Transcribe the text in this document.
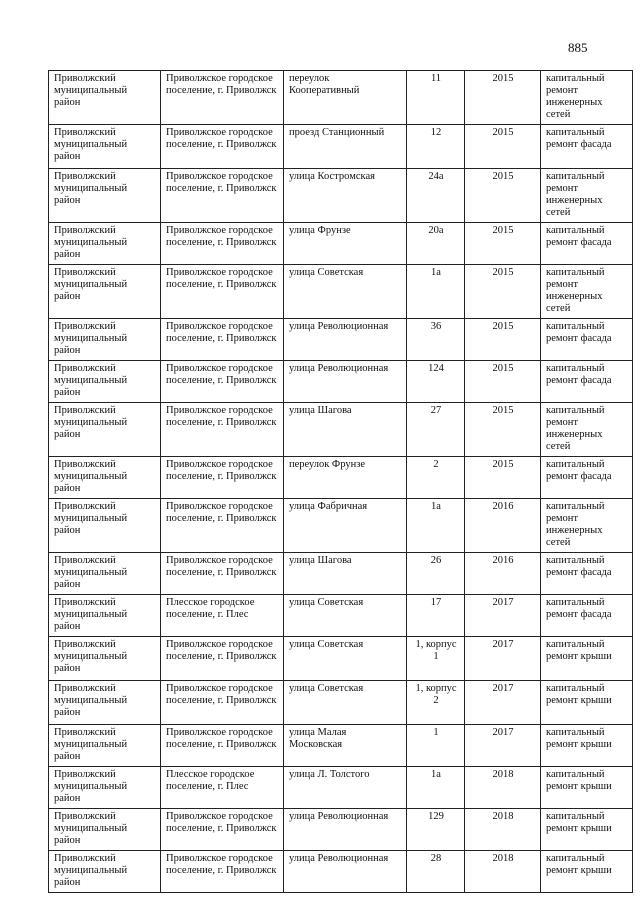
885
Приволжский муниципальный район	Приволжское городское поселение, г. Приволжск	переулок Кооперативный	11	2015	капитальный ремонт инженерных сетей
Приволжский муниципальный район	Приволжское городское поселение, г. Приволжск	проезд Станционный	12	2015	капитальный ремонт фасада
Приволжский муниципальный район	Приволжское городское поселение, г. Приволжск	улица Костромская	24а	2015	капитальный ремонт инженерных сетей
Приволжский муниципальный район	Приволжское городское поселение, г. Приволжск	улица Фрунзе	20а	2015	капитальный ремонт фасада
Приволжский муниципальный район	Приволжское городское поселение, г. Приволжск	улица Советская	1а	2015	капитальный ремонт инженерных сетей
Приволжский муниципальный район	Приволжское городское поселение, г. Приволжск	улица Революционная	36	2015	капитальный ремонт фасада
Приволжский муниципальный район	Приволжское городское поселение, г. Приволжск	улица Революционная	124	2015	капитальный ремонт фасада
Приволжский муниципальный район	Приволжское городское поселение, г. Приволжск	улица Шагова	27	2015	капитальный ремонт инженерных сетей
Приволжский муниципальный район	Приволжское городское поселение, г. Приволжск	переулок Фрунзе	2	2015	капитальный ремонт фасада
Приволжский муниципальный район	Приволжское городское поселение, г. Приволжск	улица Фабричная	1а	2016	капитальный ремонт инженерных сетей
Приволжский муниципальный район	Приволжское городское поселение, г. Приволжск	улица Шагова	26	2016	капитальный ремонт фасада
Приволжский муниципальный район	Плесское городское поселение, г. Плес	улица Советская	17	2017	капитальный ремонт фасада
Приволжский муниципальный район	Приволжское городское поселение, г. Приволжск	улица Советская	1, корпус 1	2017	капитальный ремонт крыши
Приволжский муниципальный район	Приволжское городское поселение, г. Приволжск	улица Советская	1, корпус 2	2017	капитальный ремонт крыши
Приволжский муниципальный район	Приволжское городское поселение, г. Приволжск	улица Малая Московская	1	2017	капитальный ремонт крыши
Приволжский муниципальный район	Плесское городское поселение, г. Плес	улица Л. Толстого	1а	2018	капитальный ремонт крыши
Приволжский муниципальный район	Приволжское городское поселение, г. Приволжск	улица Революционная	129	2018	капитальный ремонт крыши
Приволжский муниципальный район	Приволжское городское поселение, г. Приволжск	улица Революционная	28	2018	капитальный ремонт крыши
